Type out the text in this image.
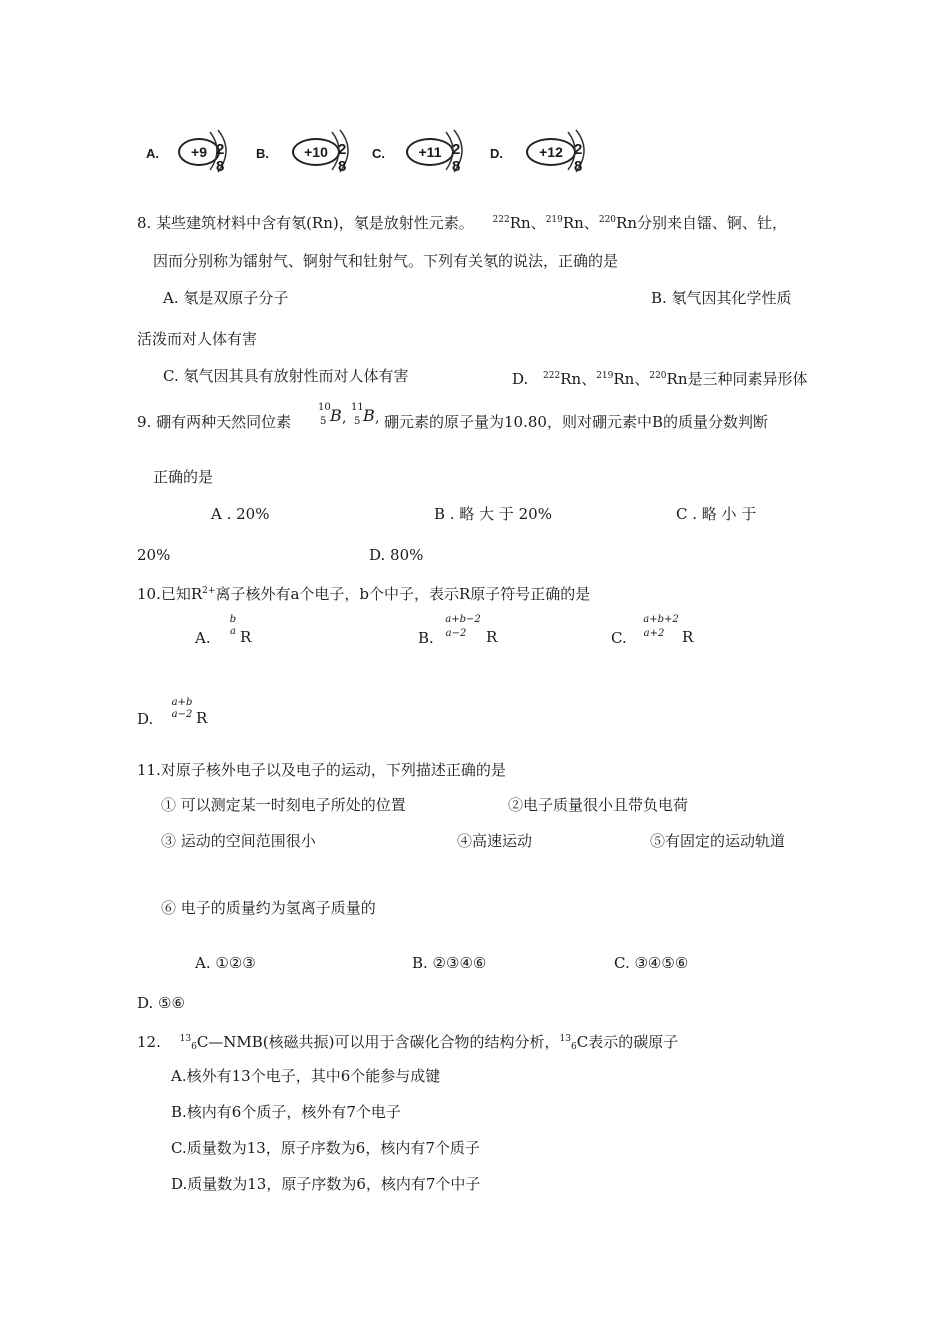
A.	+9 2 8
B.	+10 2 8
C.	+11 2 8
D.	+12 2 8
8. 某些建筑材料中含有氡(Rn)，氡是放射性元素。 $^{222}$Rn、$^{219}$Rn、$^{220}$Rn分别来自镭、锕、钍，
因而分别称为镭射气、锕射气和钍射气。下列有关氡的说法，正确的是
A. 氡是双原子分子	B. 氡气因其化学性质
活泼而对人体有害
C. 氡气因其具有放射性而对人体有害	D. $^{222}$Rn、$^{219}$Rn、$^{220}$Rn是三种同素异形体
9. 硼有两种天然同位素
10
5 B ,
11
5 B , 硼元素的原子量为10.80，则对硼元素中B的质量分数判断
正确的是
A . 20%	B . 略 大 于 20%	C . 略 小 于
20%	D. 80%
10.已知$R^{2+}$离子核外有a个电子，b个中子，表示R原子符号正确的是
A.
b
a R	B.
a+b−2
a−2 R	C.
a+b+2
a+2 R
D.
a+b
a−2 R
11.对原子核外电子以及电子的运动，下列描述正确的是
① 可以测定某一时刻电子所处的位置	②电子质量很小且带负电荷
③ 运动的空间范围很小	④高速运动	⑤有固定的运动轨道
⑥ 电子的质量约为氢离子质量的
A. ①②③	B. ②③④⑥	C. ③④⑤⑥
D. ⑤⑥
12. $^{13}_6$C—NMB(核磁共振)可以用于含碳化合物的结构分析，$^{13}_6$C表示的碳原子
A.核外有13个电子，其中6个能参与成键
B.核内有6个质子，核外有7个电子
C.质量数为13，原子序数为6，核内有7个质子
D.质量数为13，原子序数为6，核内有7个中子
